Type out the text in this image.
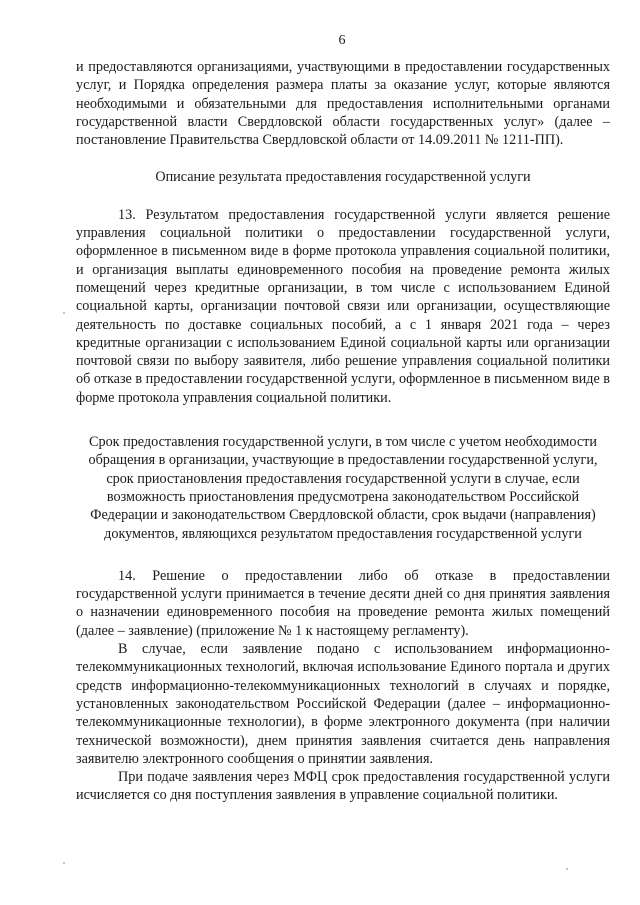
6

и предоставляются организациями, участвующими в предоставлении государственных услуг, и Порядка определения размера платы за оказание услуг, которые являются необходимыми и обязательными для предоставления исполнительными органами государственной власти Свердловской области государственных услуг» (далее – постановление Правительства Свердловской области от 14.09.2011 № 1211-ПП).

Описание результата предоставления государственной услуги

13. Результатом предоставления государственной услуги является решение управления социальной политики о предоставлении государственной услуги, оформленное в письменном виде в форме протокола управления социальной политики, и организация выплаты единовременного пособия на проведение ремонта жилых помещений через кредитные организации, в том числе с использованием Единой социальной карты, организации почтовой связи или организации, осуществляющие деятельность по доставке социальных пособий, а с 1 января 2021 года – через кредитные организации с использованием Единой социальной карты или организации почтовой связи по выбору заявителя, либо решение управления социальной политики об отказе в предоставлении государственной услуги, оформленное в письменном виде в форме протокола управления социальной политики.

Срок предоставления государственной услуги, в том числе с учетом необходимости обращения в организации, участвующие в предоставлении государственной услуги, срок приостановления предоставления государственной услуги в случае, если возможность приостановления предусмотрена законодательством Российской Федерации и законодательством Свердловской области, срок выдачи (направления) документов, являющихся результатом предоставления государственной услуги

14. Решение о предоставлении либо об отказе в предоставлении государственной услуги принимается в течение десяти дней со дня принятия заявления о назначении единовременного пособия на проведение ремонта жилых помещений (далее – заявление) (приложение № 1 к настоящему регламенту).

В случае, если заявление подано с использованием информационно-телекоммуникационных технологий, включая использование Единого портала и других средств информационно-телекоммуникационных технологий в случаях и порядке, установленных законодательством Российской Федерации (далее – информационно-телекоммуникационные технологии), в форме электронного документа (при наличии технической возможности), днем принятия заявления считается день направления заявителю электронного сообщения о принятии заявления.

При подаче заявления через МФЦ срок предоставления государственной услуги исчисляется со дня поступления заявления в управление социальной политики.
